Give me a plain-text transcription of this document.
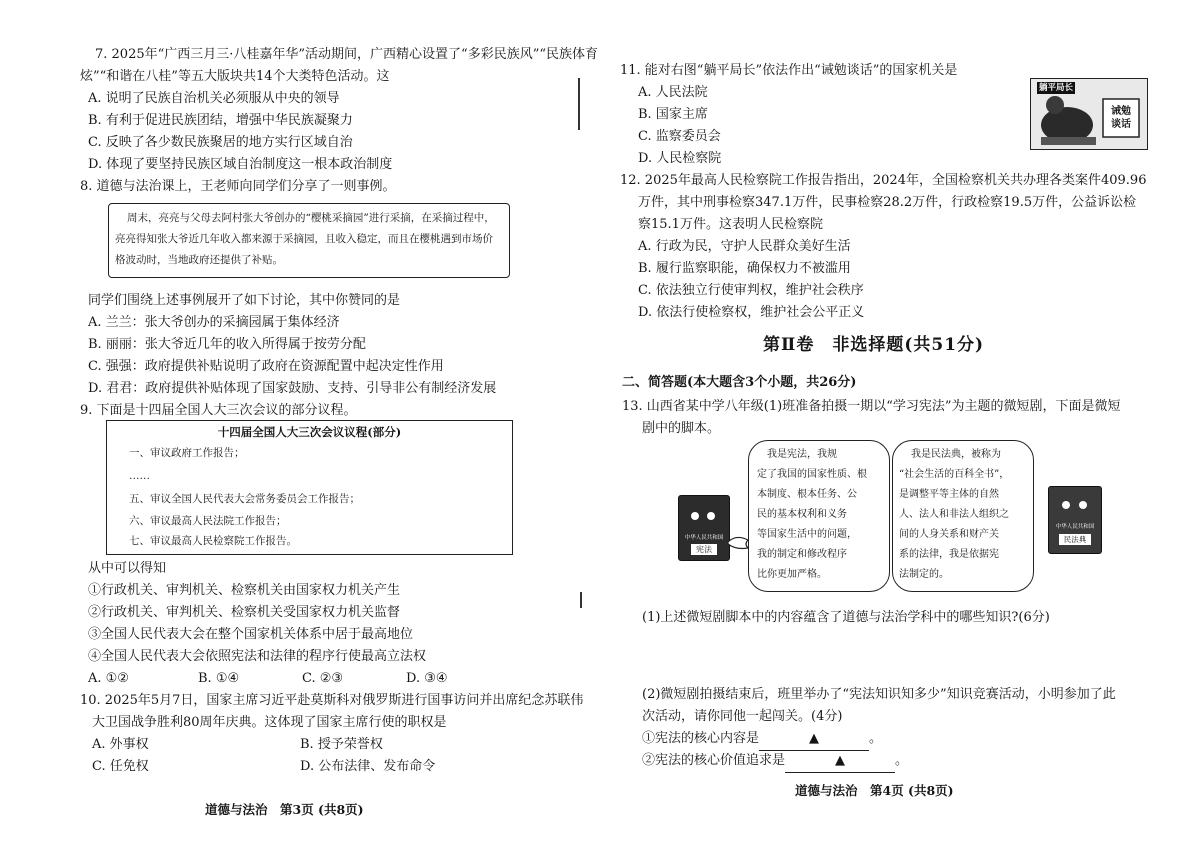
7. 2025年“广西三月三·八桂嘉年华”活动期间，广西精心设置了“多彩民族风”“民族体育
炫”“和谐在八桂”等五大版块共14个大类特色活动。这
A. 说明了民族自治机关必须服从中央的领导
B. 有利于促进民族团结，增强中华民族凝聚力
C. 反映了各少数民族聚居的地方实行区域自治
D. 体现了要坚持民族区域自治制度这一根本政治制度
8. 道德与法治课上，王老师向同学们分享了一则事例。
周末，亮亮与父母去阿村张大爷创办的“樱桃采摘园”进行采摘，在采摘过程中，
亮亮得知张大爷近几年收入都来源于采摘园，且收入稳定，而且在樱桃遇到市场价
格波动时，当地政府还提供了补贴。
同学们围绕上述事例展开了如下讨论，其中你赞同的是
A. 兰兰：张大爷创办的采摘园属于集体经济
B. 丽丽：张大爷近几年的收入所得属于按劳分配
C. 强强：政府提供补贴说明了政府在资源配置中起决定性作用
D. 君君：政府提供补贴体现了国家鼓励、支持、引导非公有制经济发展
9. 下面是十四届全国人大三次会议的部分议程。
十四届全国人大三次会议议程(部分)
一、审议政府工作报告；
……
五、审议全国人民代表大会常务委员会工作报告；
六、审议最高人民法院工作报告；
七、审议最高人民检察院工作报告。
从中可以得知
①行政机关、审判机关、检察机关由国家权力机关产生
②行政机关、审判机关、检察机关受国家权力机关监督
③全国人民代表大会在整个国家机关体系中居于最高地位
④全国人民代表大会依照宪法和法律的程序行使最高立法权
A. ①②	B. ①④	C. ②③	D. ③④
10. 2025年5月7日，国家主席习近平赴莫斯科对俄罗斯进行国事访问并出席纪念苏联伟
大卫国战争胜利80周年庆典。这体现了国家主席行使的职权是
A. 外事权	B. 授予荣誉权
C. 任免权	D. 公布法律、发布命令
道德与法治　第3页 (共8页)
11. 能对右图“躺平局长”依法作出“诫勉谈话”的国家机关是
A. 人民法院
B. 国家主席
C. 监察委员会
D. 人民检察院
躺平局长
诫勉谈话
12. 2025年最高人民检察院工作报告指出，2024年，全国检察机关共办理各类案件409.96
万件，其中刑事检察347.1万件，民事检察28.2万件，行政检察19.5万件，公益诉讼检
察15.1万件。这表明人民检察院
A. 行政为民，守护人民群众美好生活
B. 履行监察职能，确保权力不被滥用
C. 依法独立行使审判权，维护社会秩序
D. 依法行使检察权，维护社会公平正义
第Ⅱ卷　非选择题(共51分)
二、简答题(本大题含3个小题，共26分)
13. 山西省某中学八年级(1)班准备拍摄一期以“学习宪法”为主题的微短剧，下面是微短
剧中的脚本。
我是宪法，我规
定了我国的国家性质、根
本制度、根本任务、公
民的基本权利和义务
等国家生活中的问题，
我的制定和修改程序
比你更加严格。
我是民法典，被称为
“社会生活的百科全书”，
是调整平等主体的自然
人、法人和非法人组织之
间的人身关系和财产关
系的法律，我是依据宪
法制定的。
中华人民共和国
宪法
中华人民共和国
民法典
(1)上述微短剧脚本中的内容蕴含了道德与法治学科中的哪些知识?(6分)
(2)微短剧拍摄结束后，班里举办了“宪法知识知多少”知识竞赛活动，小明参加了此
次活动，请你同他一起闯关。(4分)
①宪法的核心内容是	▲	。
②宪法的核心价值追求是	▲	。
道德与法治　第4页 (共8页)
